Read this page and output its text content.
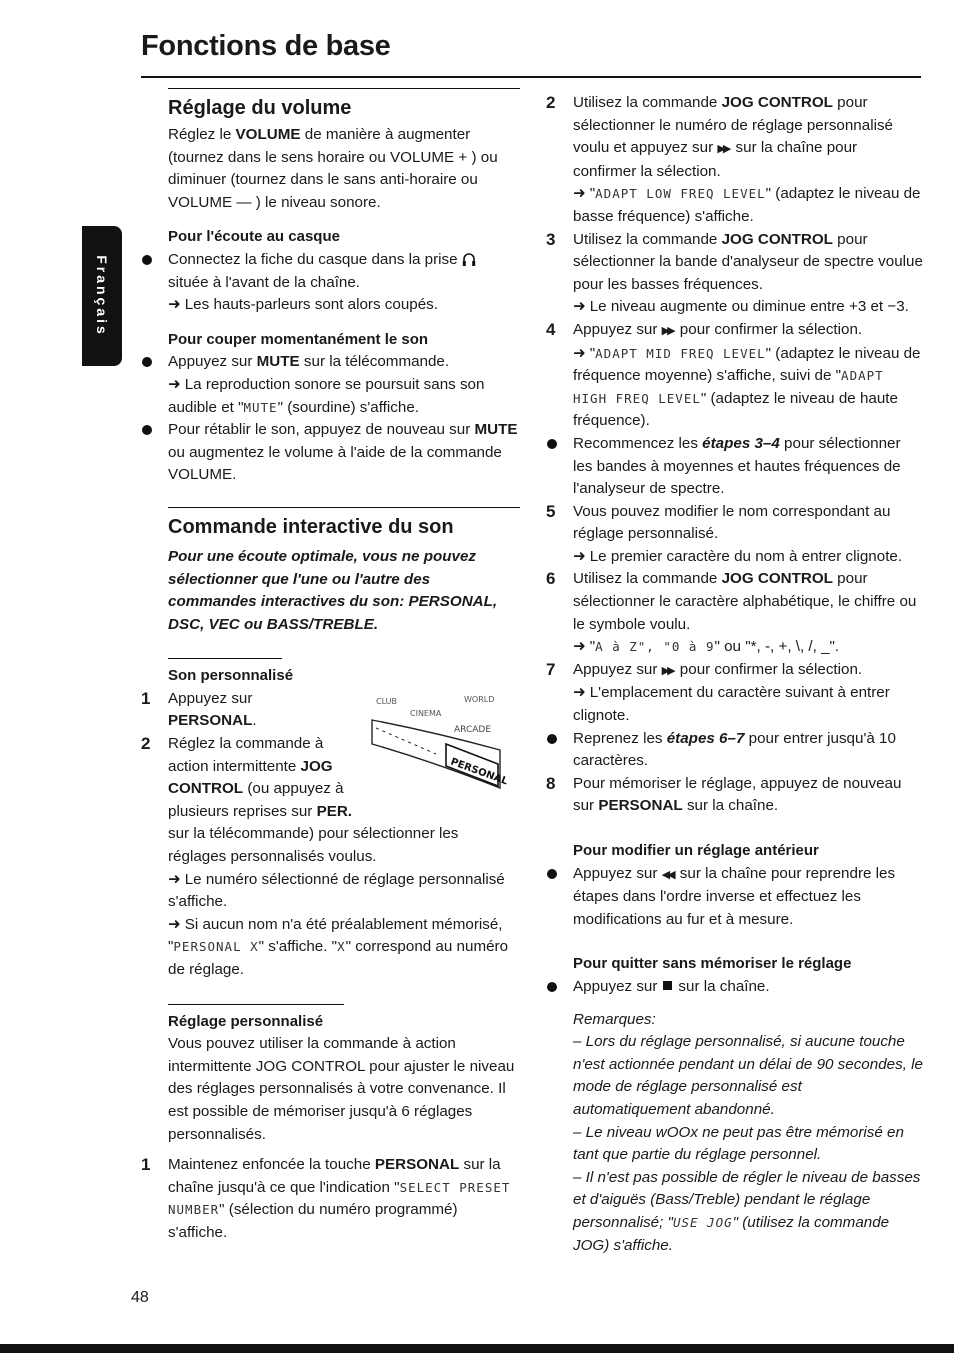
Fonctions de base
Français
Réglage du volume

Réglez le VOLUME de manière à augmenter (tournez dans le sens horaire ou VOLUME + ) ou diminuer (tournez dans le sans anti-horaire ou VOLUME — ) le niveau sonore.

Pour l'écoute au casque

Connectez la fiche du casque dans la prise  située à l'avant de la chaîne.

➜ Les hauts-parleurs sont alors coupés.

Pour couper momentanément le son

Appuyez sur MUTE sur la télécommande.

➜ La reproduction sonore se poursuit sans son audible et "MUTE" (sourdine) s'affiche.

Pour rétablir le son, appuyez de nouveau sur MUTE ou augmentez le volume à l'aide de la commande VOLUME.

Commande interactive du son

Pour une écoute optimale, vous ne pouvez sélectionner que l'une ou l'autre des commandes interactives du son: PERSONAL, DSC, VEC ou BASS/TREBLE.

Son personnalisé
CLUB
CINEMA
ARCADE
PERSONAL
WORLD

1 Appuyez sur
PERSONAL.

2 Réglez la commande à action intermittente JOG CONTROL (ou appuyez à plusieurs reprises sur PER. sur la télécommande) pour sélectionner les réglages personnalisés voulus.

➜ Le numéro sélectionné de réglage personnalisé s'affiche.

➜ Si aucun nom n'a été préalablement mémorisé, "PERSONAL X" s'affiche. "X" correspond au numéro de réglage.

Réglage personnalisé

Vous pouvez utiliser la commande à action intermittente JOG CONTROL pour ajuster le niveau des réglages personnalisés à votre convenance. Il est possible de mémoriser jusqu'à 6 réglages personnalisés.

1 Maintenez enfoncée la touche PERSONAL sur la chaîne jusqu'à ce que l'indication "SELECT PRESET NUMBER" (sélection du numéro programmé) s'affiche.

2 Utilisez la commande JOG CONTROL pour sélectionner le numéro de réglage personnalisé voulu et appuyez sur ▶▶ sur la chaîne pour confirmer la sélection.

➜ "ADAPT LOW FREQ LEVEL" (adaptez le niveau de basse fréquence) s'affiche.

3 Utilisez la commande JOG CONTROL pour sélectionner la bande d'analyseur de spectre voulue pour les basses fréquences.

➜ Le niveau augmente ou diminue entre +3 et −3.

4 Appuyez sur ▶▶ pour confirmer la sélection.

➜ "ADAPT MID FREQ LEVEL" (adaptez le niveau de fréquence moyenne) s'affiche, suivi de "ADAPT HIGH FREQ LEVEL" (adaptez le niveau de haute fréquence).

Recommencez les étapes 3–4 pour sélectionner les bandes à moyennes et hautes fréquences de l'analyseur de spectre.

5 Vous pouvez modifier le nom correspondant au réglage personnalisé.

➜ Le premier caractère du nom à entrer clignote.

6 Utilisez la commande JOG CONTROL pour sélectionner le caractère alphabétique, le chiffre ou le symbole voulu.

➜ "A à Z", "0 à 9" ou "*, -, +, \, /, _".

7 Appuyez sur ▶▶ pour confirmer la sélection.

➜ L'emplacement du caractère suivant à entrer clignote.

Reprenez les étapes 6–7 pour entrer jusqu'à 10 caractères.

8 Pour mémoriser le réglage, appuyez de nouveau sur PERSONAL sur la chaîne.

Pour modifier un réglage antérieur

Appuyez sur ◀◀ sur la chaîne pour reprendre les étapes dans l'ordre inverse et effectuez les modifications au fur et à mesure.

Pour quitter sans mémoriser le réglage

Appuyez sur sur la chaîne.

Remarques:

– Lors du réglage personnalisé, si aucune touche n'est actionnée pendant un délai de 90 secondes, le mode de réglage personnalisé est automatiquement abandonné.

– Le niveau wOOx ne peut pas être mémorisé en tant que partie du réglage personnel.

– Il n'est pas possible de régler le niveau de basses et d'aiguës (Bass/Treble) pendant le réglage personnalisé; "USE JOG" (utilisez la commande JOG) s'affiche.

48
